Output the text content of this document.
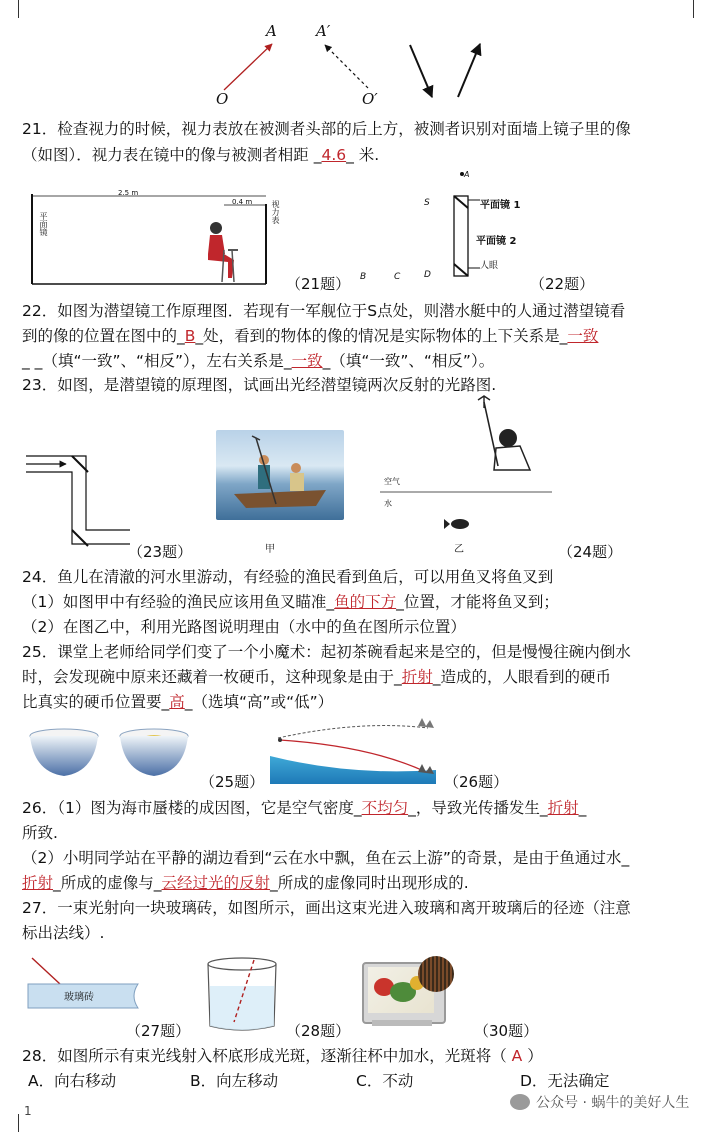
A	A′
O	O′
21．检查视力的时候，视力表放在被测者头部的后上方，被测者识别对面墙上镜子里的像
（如图）．视力表在镜中的像与被测者相距 _4.6_ 米.
2.5 m
0.4 m
平面镜	视力表
（21题）
A
S	平面镜 1
平面镜 2
人眼
B	C	D	（22题）
22．如图为潜望镜工作原理图．若现有一军舰位于S点处，则潜水艇中的人通过潜望镜看
到的像的位置在图中的_B_处，看到的物体的像的情况是实际物体的上下关系是_一致
_ _（填“一致”、“相反”），左右关系是_一致_（填“一致”、“相反”）。
23．如图，是潜望镜的原理图，试画出光经潜望镜两次反射的光路图.
（23题）	甲
空气
水
乙	（24题）
24．鱼儿在清澈的河水里游动，有经验的渔民看到鱼后，可以用鱼叉将鱼叉到
（1）如图甲中有经验的渔民应该用鱼叉瞄准_鱼的下方_位置，才能将鱼叉到；
（2）在图乙中，利用光路图说明理由（水中的鱼在图所示位置）
25．课堂上老师给同学们变了一个小魔术：起初茶碗看起来是空的，但是慢慢往碗内倒水
时，会发现碗中原来还藏着一枚硬币，这种现象是由于_折射_造成的，人眼看到的硬币
比真实的硬币位置要_高_（选填“高”或“低”）
（25题）	（26题）
26．（1）图为海市蜃楼的成因图，它是空气密度_不均匀_，导致光传播发生_折射_
所致.
（2）小明同学站在平静的湖边看到“云在水中飘，鱼在云上游”的奇景，是由于鱼通过水_
折射_所成的虚像与_云经过光的反射_所成的虚像同时出现形成的.
27．一束光射向一块玻璃砖，如图所示，画出这束光进入玻璃和离开玻璃后的径迹（注意
标出法线）.
玻璃砖
（27题）	（28题）	（30题）
28．如图所示有束光线射入杯底形成光斑，逐渐往杯中加水，光斑将（ A ）
A．向右移动	B．向左移动	C．不动	D．无法确定
1	公众号 · 蜗牛的美好人生
